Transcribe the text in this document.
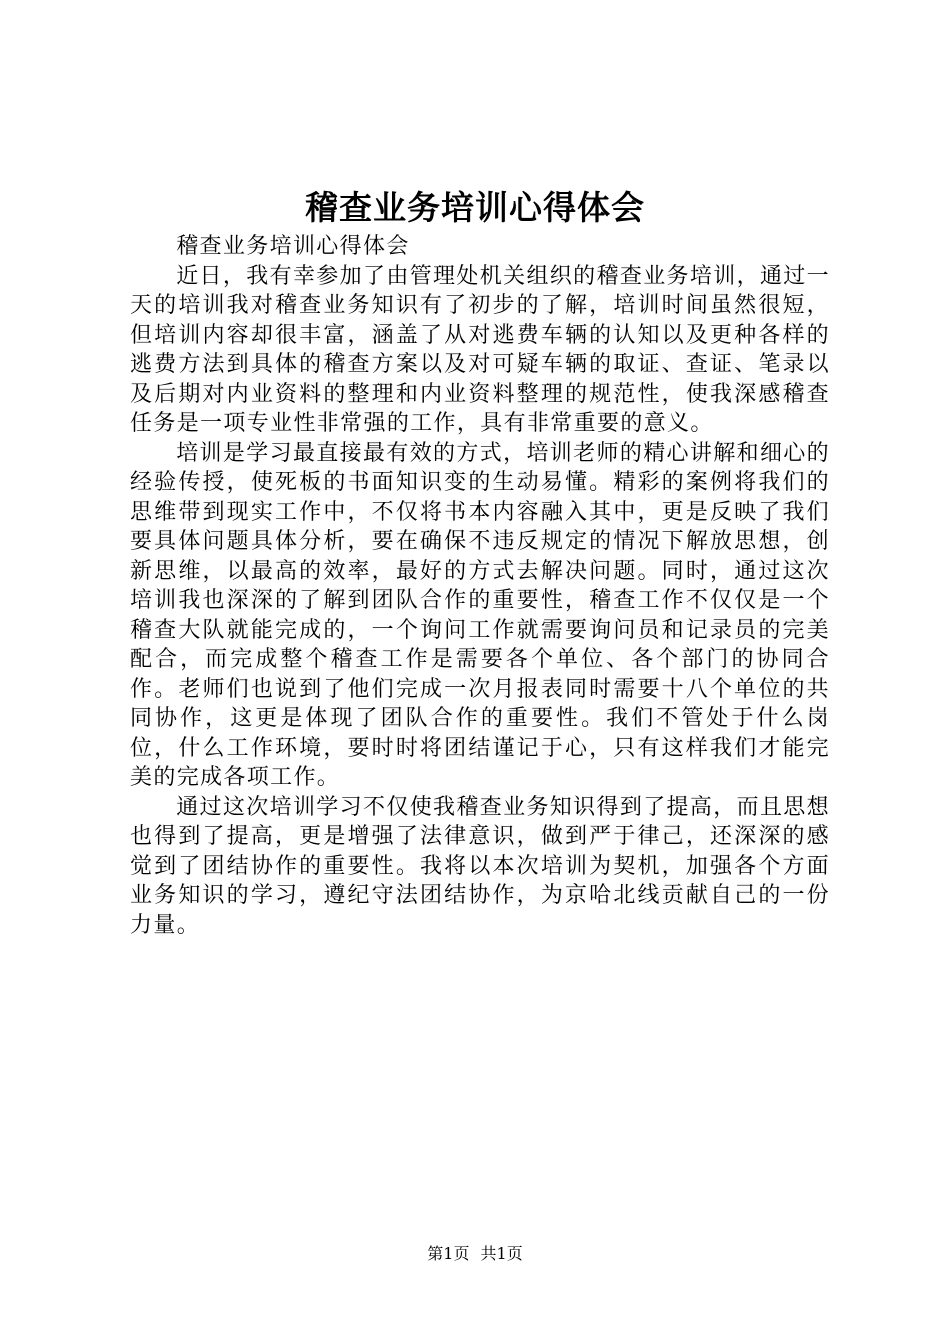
稽查业务培训心得体会

稽查业务培训心得体会

近日，我有幸参加了由管理处机关组织的稽查业务培训，通过一天的培训我对稽查业务知识有了初步的了解，培训时间虽然很短，但培训内容却很丰富，涵盖了从对逃费车辆的认知以及更种各样的逃费方法到具体的稽查方案以及对可疑车辆的取证、查证、笔录以及后期对内业资料的整理和内业资料整理的规范性，使我深感稽查任务是一项专业性非常强的工作，具有非常重要的意义。

培训是学习最直接最有效的方式，培训老师的精心讲解和细心的经验传授，使死板的书面知识变的生动易懂。精彩的案例将我们的思维带到现实工作中，不仅将书本内容融入其中，更是反映了我们要具体问题具体分析，要在确保不违反规定的情况下解放思想，创新思维，以最高的效率，最好的方式去解决问题。同时，通过这次培训我也深深的了解到团队合作的重要性，稽查工作不仅仅是一个稽查大队就能完成的，一个询问工作就需要询问员和记录员的完美配合，而完成整个稽查工作是需要各个单位、各个部门的协同合作。老师们也说到了他们完成一次月报表同时需要十八个单位的共同协作，这更是体现了团队合作的重要性。我们不管处于什么岗位，什么工作环境，要时时将团结谨记于心，只有这样我们才能完美的完成各项工作。

通过这次培训学习不仅使我稽查业务知识得到了提高，而且思想也得到了提高，更是增强了法律意识，做到严于律己，还深深的感觉到了团结协作的重要性。我将以本次培训为契机，加强各个方面业务知识的学习，遵纪守法团结协作，为京哈北线贡献自己的一份力量。

第1页 共1页
